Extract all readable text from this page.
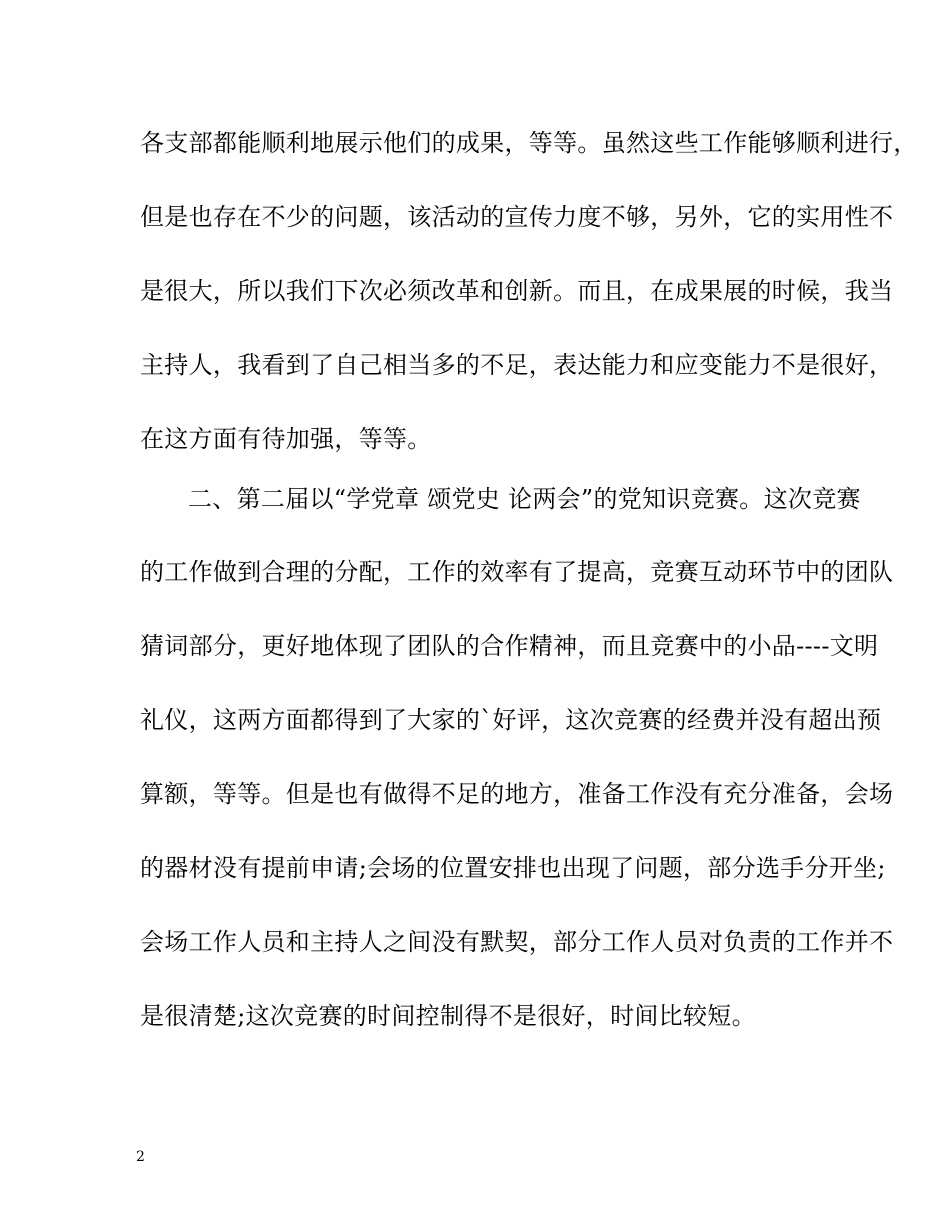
各支部都能顺利地展示他们的成果，等等。虽然这些工作能够顺利进行，
但是也存在不少的问题，该活动的宣传力度不够，另外，它的实用性不
是很大，所以我们下次必须改革和创新。而且，在成果展的时候，我当
主持人，我看到了自己相当多的不足，表达能力和应变能力不是很好，
在这方面有待加强，等等。
二、第二届以“学党章 颂党史 论两会”的党知识竞赛。这次竞赛
的工作做到合理的分配，工作的效率有了提高，竞赛互动环节中的团队
猜词部分，更好地体现了团队的合作精神，而且竞赛中的小品----文明
礼仪，这两方面都得到了大家的`好评，这次竞赛的经费并没有超出预
算额，等等。但是也有做得不足的地方，准备工作没有充分准备，会场
的器材没有提前申请;会场的位置安排也出现了问题，部分选手分开坐;
会场工作人员和主持人之间没有默契，部分工作人员对负责的工作并不
是很清楚;这次竞赛的时间控制得不是很好，时间比较短。
2
